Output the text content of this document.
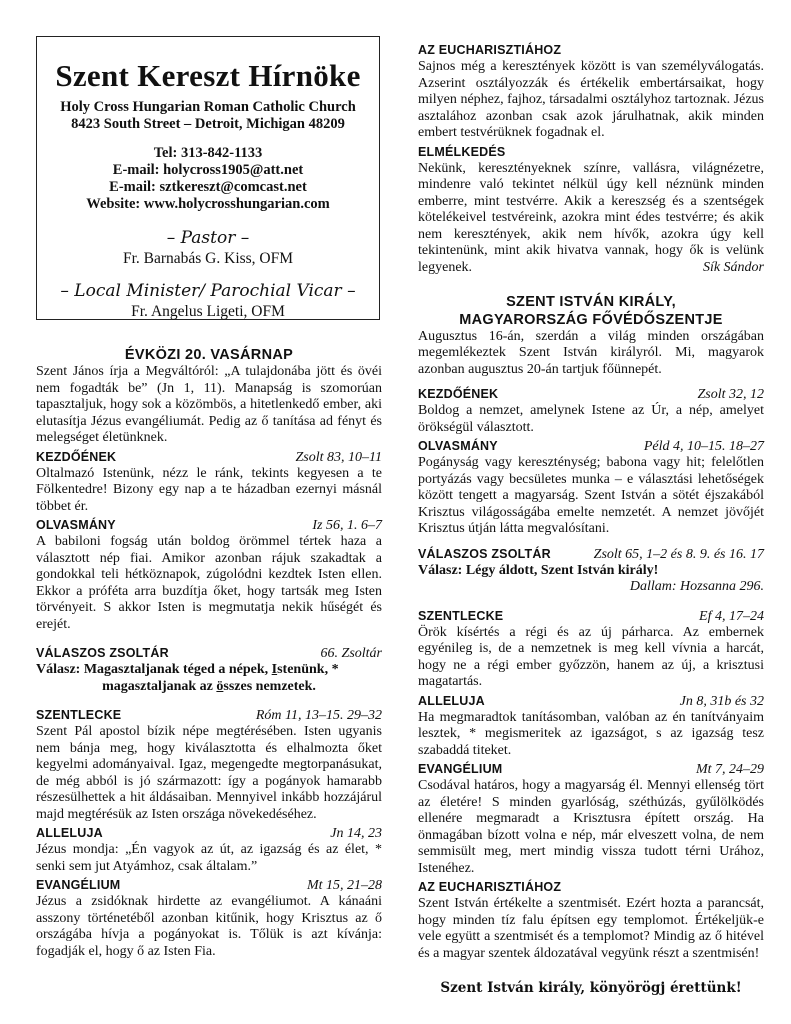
Szent Kereszt Hírnöke
Holy Cross Hungarian Roman Catholic Church
8423 South Street – Detroit, Michigan 48209
Tel: 313-842-1133
E-mail: holycross1905@att.net
E-mail: sztkereszt@comcast.net
Website: www.holycrosshungarian.com
– Pastor –
Fr. Barnabás G. Kiss, OFM
– Local Minister/ Parochial Vicar –
Fr. Angelus Ligeti, OFM
ÉVKÖZI 20. VASÁRNAP

Szent János írja a Megváltóról: „A tulajdonába jött és övéi nem fogadták be” (Jn 1, 11). Manapság is szomorúan tapasztaljuk, hogy sok a közömbös, a hitetlenkedő ember, aki elutasítja Jézus evangéliumát. Pedig az ő tanítása ad fényt és melegséget életünknek.

KEZDŐÉNEK	Zsolt 83, 10–11

Oltalmazó Istenünk, nézz le ránk, tekints kegyesen a te Fölkentedre! Bizony egy nap a te házadban ezernyi másnál többet ér.

OLVASMÁNY	Iz 56, 1. 6–7

A babiloni fogság után boldog örömmel tértek haza a választott nép fiai. Amikor azonban rájuk szakadtak a gondokkal teli hétköznapok, zúgolódni kezdtek Isten ellen. Ekkor a próféta arra buzdítja őket, hogy tartsák meg Isten törvényeit. S akkor Isten is megmutatja nekik hűségét és erejét.

VÁLASZOS ZSOLTÁR	66. Zsoltár
Válasz: Magasztaljanak téged a népek, Istenünk, *
magasztaljanak az összes nemzetek.
SZENTLECKE	Róm 11, 13–15. 29–32

Szent Pál apostol bízik népe megtérésében. Isten ugyanis nem bánja meg, hogy kiválasztotta és elhalmozta őket kegyelmi adományaival. Igaz, megengedte megtorpanásukat, de még abból is jó származott: így a pogányok hamarabb részesülhettek a hit áldásaiban. Mennyivel inkább hozzájárul majd megtérésük az Isten országa növekedéséhez.

ALLELUJA	Jn 14, 23

Jézus mondja: „Én vagyok az út, az igazság és az élet, * senki sem jut Atyámhoz, csak általam.”

EVANGÉLIUM	Mt 15, 21–28

Jézus a zsidóknak hirdette az evangéliumot. A kánaáni asszony történetéből azonban kitűnik, hogy Krisztus az ő országába hívja a pogányokat is. Tőlük is azt kívánja: fogadják el, hogy ő az Isten Fia.

AZ EUCHARISZTIÁHOZ

Sajnos még a keresztények között is van személyválogatás. Azserint osztályozzák és értékelik embertársaikat, hogy milyen néphez, fajhoz, társadalmi osztályhoz tartoznak. Jézus asztalához azonban csak azok járulhatnak, akik minden embert testvérüknek fogadnak el.

ELMÉLKEDÉS

Nekünk, keresztényeknek színre, vallásra, világnézetre, mindenre való tekintet nélkül úgy kell néznünk minden emberre, mint testvérre. Akik a kereszség és a szentségek kötelékeivel testvéreink, azokra mint édes testvérre; és akik nem keresztények, akik nem hívők, azokra úgy kell tekintenünk, mint akik hivatva vannak, hogy ők is velünk legyenek.	Sík Sándor
SZENT ISTVÁN KIRÁLY,
MAGYARORSZÁG FŐVÉDŐSZENTJE

Augusztus 16-án, szerdán a világ minden országában megemlékeztek Szent István királyról. Mi, magyarok azonban augusztus 20-án tartjuk főünnepét.

KEZDŐÉNEK	Zsolt 32, 12

Boldog a nemzet, amelynek Istene az Úr, a nép, amelyet örökségül választott.

OLVASMÁNY	Péld 4, 10–15. 18–27

Pogányság vagy kereszténység; babona vagy hit; felelőtlen portyázás vagy becsületes munka – e választási lehetőségek között tengett a magyarság. Szent István a sötét éjszakából Krisztus világosságába emelte nemzetét. A nemzet jövőjét Krisztus útján látta megvalósítani.

VÁLASZOS ZSOLTÁR	Zsolt 65, 1–2 és 8. 9. és 16. 17
Válasz: Légy áldott, Szent István király!
Dallam: Hozsanna 296.
SZENTLECKE	Ef 4, 17–24

Örök kísértés a régi és az új párharca. Az embernek egyénileg is, de a nemzetnek is meg kell vívnia a harcát, hogy ne a régi ember győzzön, hanem az új, a krisztusi magatartás.

ALLELUJA	Jn 8, 31b és 32

Ha megmaradtok tanításomban, valóban az én tanítványaim lesztek, * megismeritek az igazságot, s az igazság tesz szabaddá titeket.

EVANGÉLIUM	Mt 7, 24–29

Csodával határos, hogy a magyarság él. Mennyi ellenség tört az életére! S minden gyarlóság, széthúzás, gyűlölködés ellenére megmaradt a Krisztusra épített ország. Ha önmagában bízott volna e nép, már elveszett volna, de nem semmisült meg, mert mindig vissza tudott térni Urához, Istenéhez.

AZ EUCHARISZTIÁHOZ

Szent István értékelte a szentmisét. Ezért hozta a parancsát, hogy minden tíz falu építsen egy templomot. Értékeljük-e vele együtt a szentmisét és a templomot? Mindig az ő hitével és a magyar szentek áldozatával vegyünk részt a szentmisén!

Szent István király, könyörögj érettünk!
